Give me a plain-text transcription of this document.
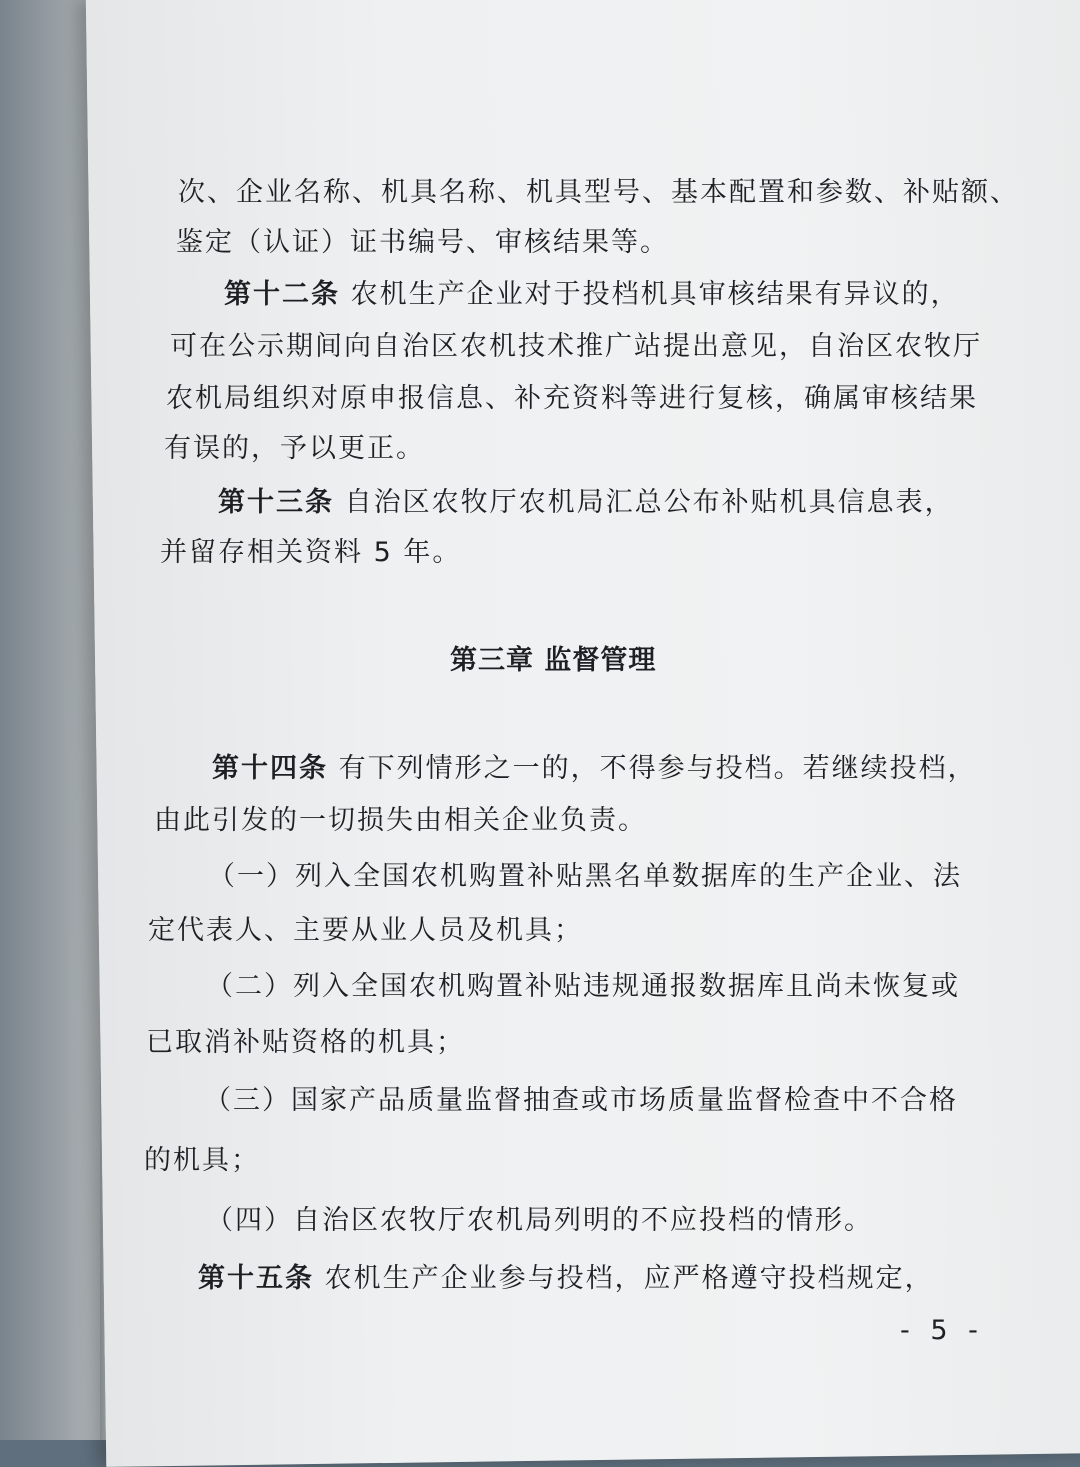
次、企业名称、机具名称、机具型号、基本配置和参数、补贴额、
鉴定（认证）证书编号、审核结果等。
第十二条 农机生产企业对于投档机具审核结果有异议的，
可在公示期间向自治区农机技术推广站提出意见，自治区农牧厅
农机局组织对原申报信息、补充资料等进行复核，确属审核结果
有误的，予以更正。
第十三条 自治区农牧厅农机局汇总公布补贴机具信息表，
并留存相关资料 5 年。
第三章 监督管理
第十四条 有下列情形之一的，不得参与投档。若继续投档，
由此引发的一切损失由相关企业负责。
（一）列入全国农机购置补贴黑名单数据库的生产企业、法
定代表人、主要从业人员及机具；
（二）列入全国农机购置补贴违规通报数据库且尚未恢复或
已取消补贴资格的机具；
（三）国家产品质量监督抽查或市场质量监督检查中不合格
的机具；
（四）自治区农牧厅农机局列明的不应投档的情形。
第十五条 农机生产企业参与投档，应严格遵守投档规定，
- 5 -
